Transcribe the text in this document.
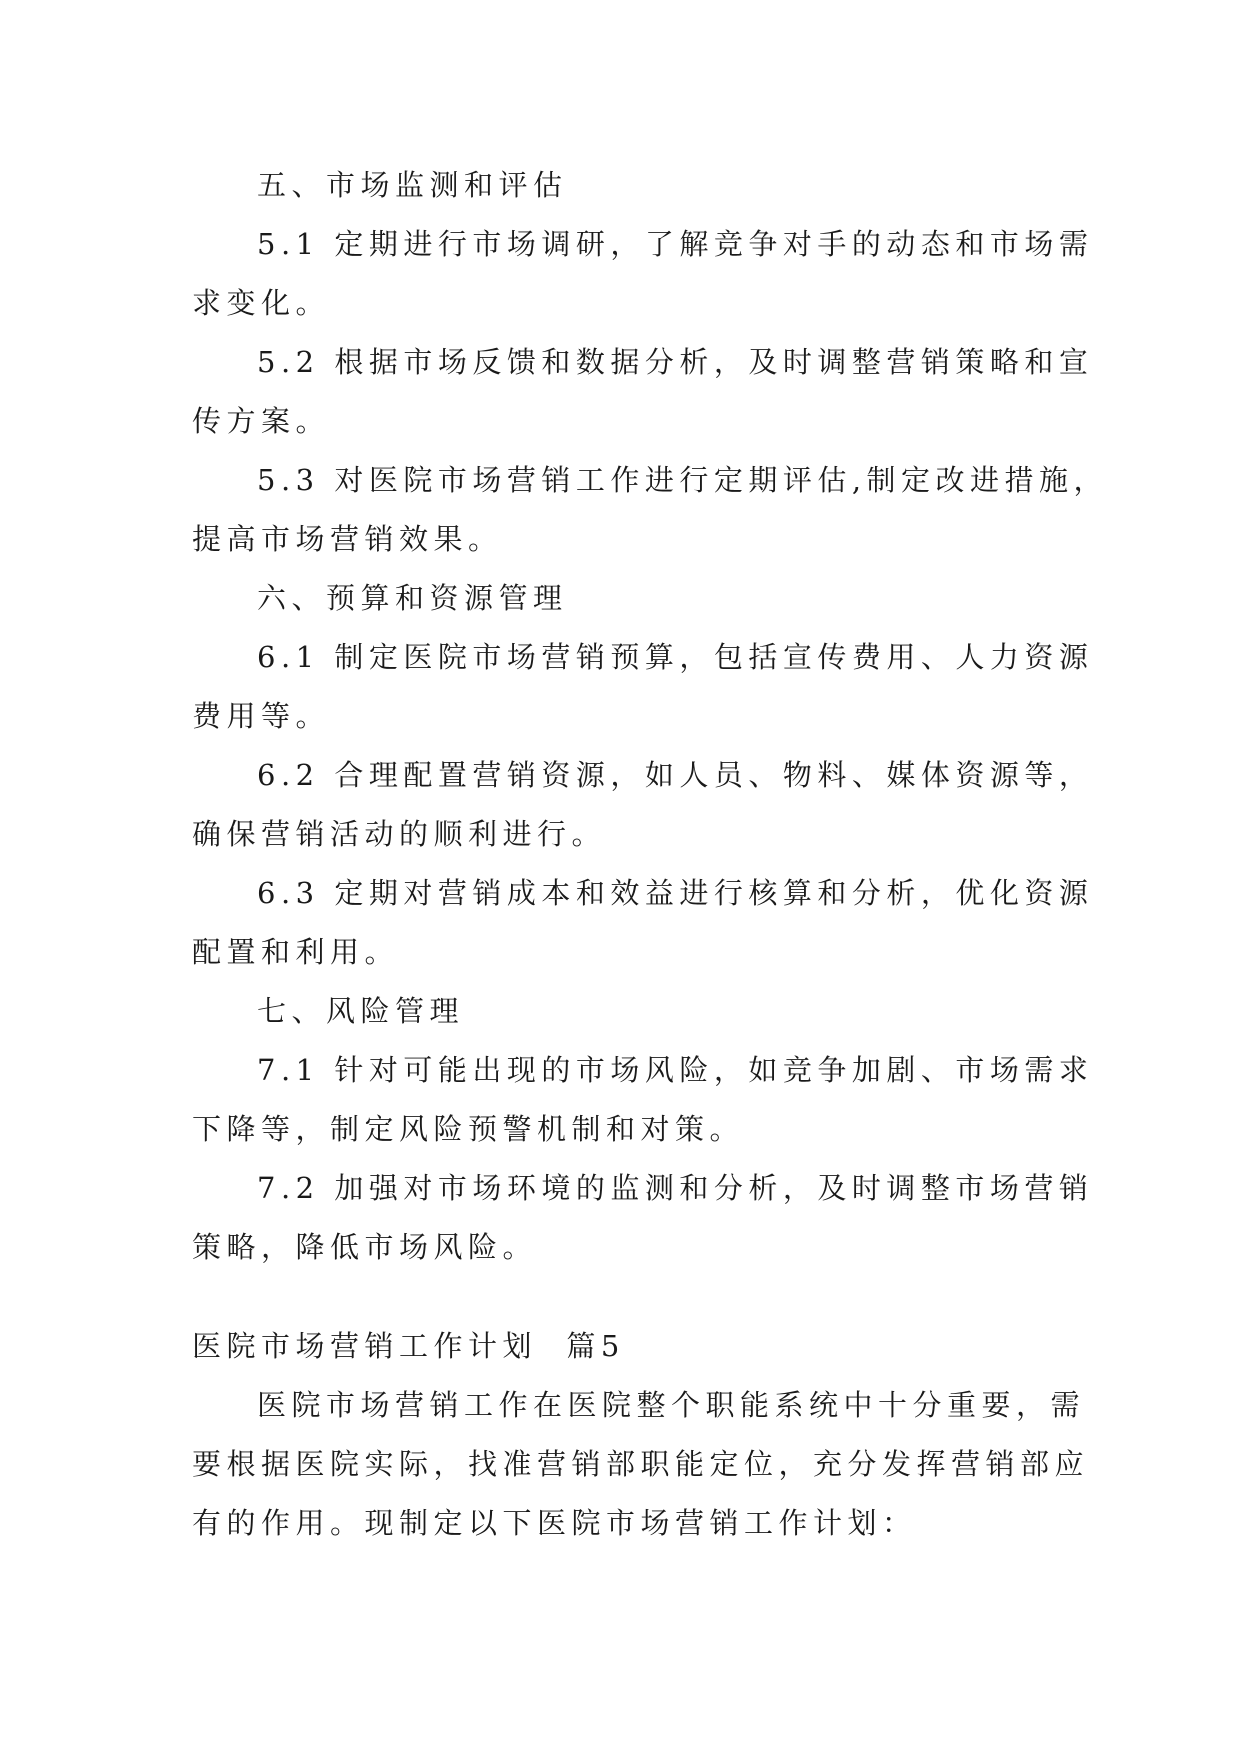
五、市场监测和评估
5.1 定期进行市场调研，了解竞争对手的动态和市场需
求变化。
5.2 根据市场反馈和数据分析，及时调整营销策略和宣
传方案。
5.3 对医院市场营销工作进行定期评估,制定改进措施，
提高市场营销效果。
六、预算和资源管理
6.1 制定医院市场营销预算，包括宣传费用、人力资源
费用等。
6.2 合理配置营销资源，如人员、物料、媒体资源等，
确保营销活动的顺利进行。
6.3 定期对营销成本和效益进行核算和分析，优化资源
配置和利用。
七、风险管理
7.1 针对可能出现的市场风险，如竞争加剧、市场需求
下降等，制定风险预警机制和对策。
7.2 加强对市场环境的监测和分析，及时调整市场营销
策略，降低市场风险。
医院市场营销工作计划  篇5
医院市场营销工作在医院整个职能系统中十分重要，需
要根据医院实际，找准营销部职能定位，充分发挥营销部应
有的作用。现制定以下医院市场营销工作计划：
